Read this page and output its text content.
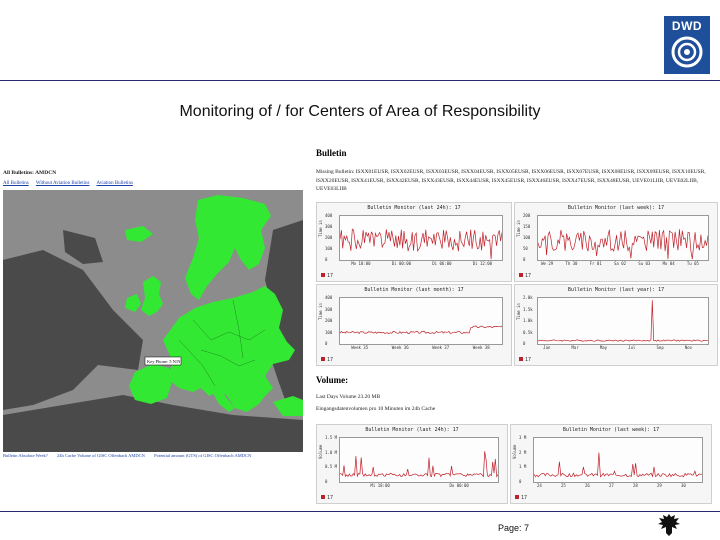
DWD
Monitoring of / for Centers of Area of Responsibility
All Bulletins: AMDCN
All Bulletins Without Aviation Bulletins Aviation Bulletins
Key Phone: 5 N/N
Bulletin Absolute Week? 24h Cache Volume of GISC Offenbach AMDCN Potential amount (GTS) of GISC Offenbach AMDCN
Bulletin
Missing Bulletin: ISXX01EUSR, ISXX02EUSR, ISXX03EUSR, ISXX04EUSR, ISXX05EUSR, ISXX06EUSR, ISXX07EUSR, ISXX08EUSR, ISXX09EUSR, ISXX10EUSR, ISXX20EUSR, ISXX41EUSR, ISXX42EUSR, ISXX43EUSR, ISXX44EUSR, ISXX45EUSR, ISXX46EUSR, ISXX47EUSR, ISXX48EUSR, UEVE01LIIB, UEVE02LIIB, UEVE03LIIB
Bulletin Monitor (last 24h): 17
Time in
400
300
200
100
0
Mo 18:00	Di 00:00	Di 06:00	Di 12:00
17
Bulletin Monitor (last week): 17
Time in
200
150
100
50
0
We 29	Th 30	Fr 01	Sa 02	Su 03	Mo 04	Tu 05
17
Bulletin Monitor (last month): 17
Time in
400
300
200
100
0
Week 35	Week 36	Week 37	Week 38
17
Bulletin Monitor (last year): 17
Time in
2.0k
1.5k
1.0k
0.5k
0
Jan	Mar	May	Jul	Sep	Nov
17
Volume:
Last Days Volume 23.20 MB
Eingangsdatenvolumen pro 10 Minuten im 24h Cache
Bulletin Monitor (last 24h): 17
Volume
1.5 M
1.0 M
0.5 M
0
Mi 18:00	Do 00:00
17
Bulletin Monitor (last week): 17
Volume
3 M
2 M
1 M
0
24	25	26	27	28	29	30
17
Page: 7
